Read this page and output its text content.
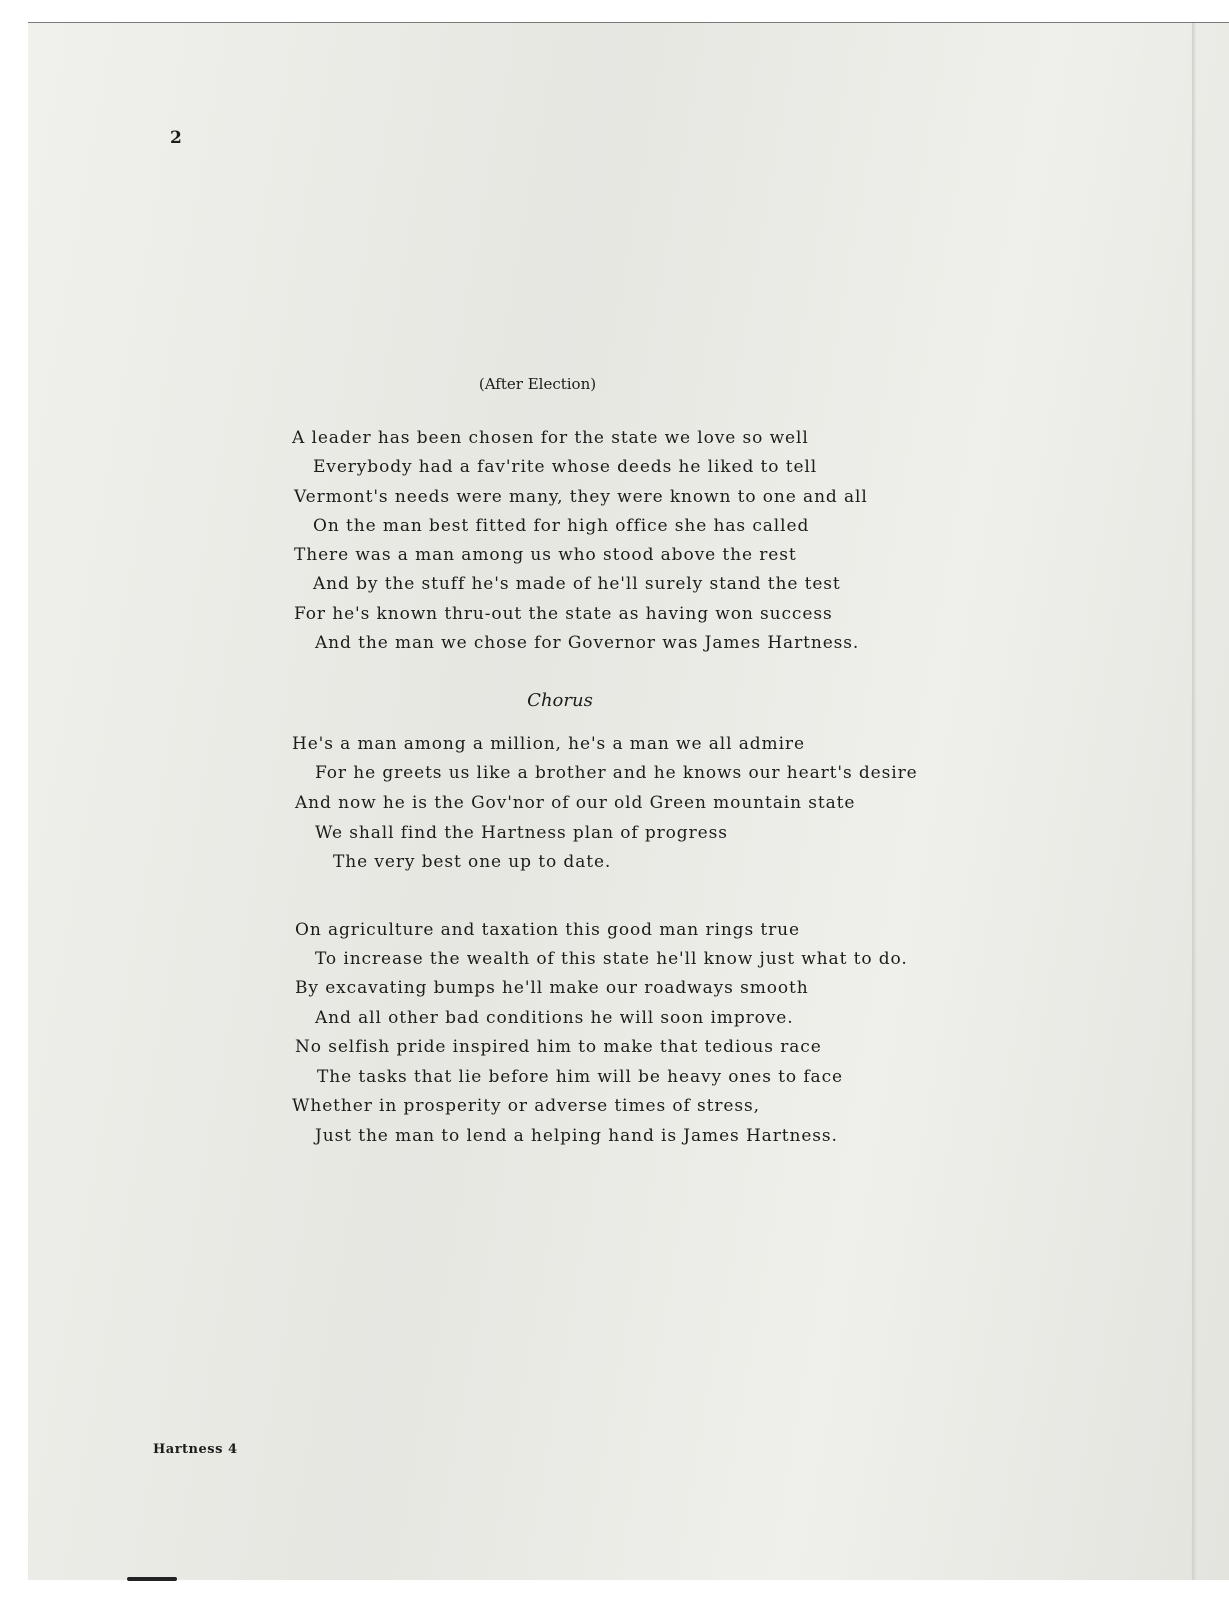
2
(After Election)
A leader has been chosen for the state we love so well
Everybody had a fav'rite whose deeds he liked to tell
Vermont's needs were many, they were known to one and all
On the man best fitted for high office she has called
There was a man among us who stood above the rest
And by the stuff he's made of he'll surely stand the test
For he's known thru-out the state as having won success
And the man we chose for Governor was James Hartness.
Chorus
He's a man among a million, he's a man we all admire
For he greets us like a brother and he knows our heart's desire
And now he is the Gov'nor of our old Green mountain state
We shall find the Hartness plan of progress
The very best one up to date.
On agriculture and taxation this good man rings true
To increase the wealth of this state he'll know just what to do.
By excavating bumps he'll make our roadways smooth
And all other bad conditions he will soon improve.
No selfish pride inspired him to make that tedious race
The tasks that lie before him will be heavy ones to face
Whether in prosperity or adverse times of stress,
Just the man to lend a helping hand is James Hartness.
Hartness 4
